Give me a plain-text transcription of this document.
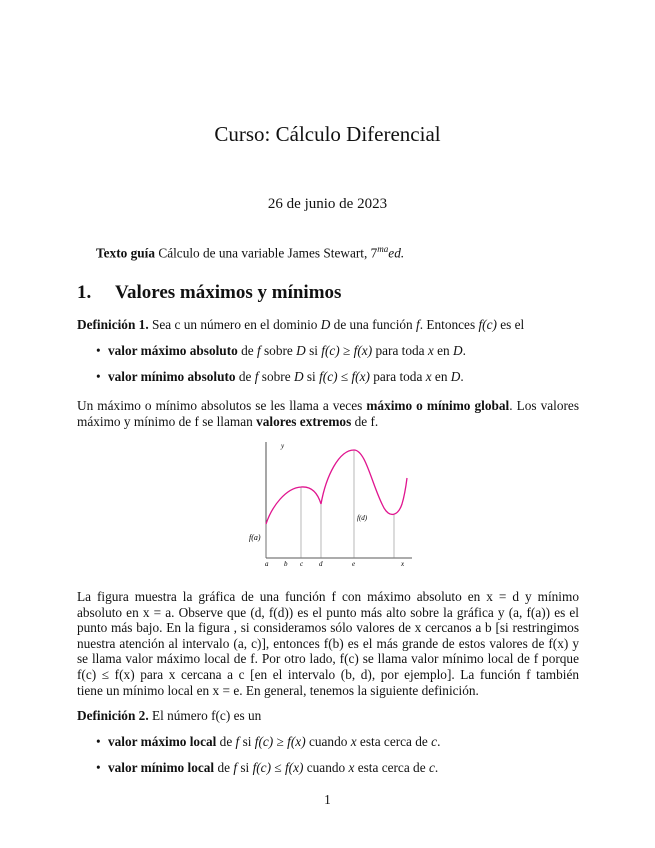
Curso: Cálculo Diferencial
26 de junio de 2023
Texto guía Cálculo de una variable James Stewart, $7^{ma}ed$.
1. Valores máximos y mínimos
Definición 1. Sea c un número en el dominio D de una función f. Entonces f(c) es el
• valor máximo absoluto de f sobre D si f(c) ≥ f(x) para toda x en D.
• valor mínimo absoluto de f sobre D si f(c) ≤ f(x) para toda x en D.
Un máximo o mínimo absolutos se les llama a veces máximo o mínimo global. Los valores
máximo y mínimo de f se llaman valores extremos de f.
y
f(a)
f(d)
a b c d	e	x
La figura muestra la gráfica de una función f con máximo absoluto en x = d y mínimo
absoluto en x = a. Observe que (d, f(d)) es el punto más alto sobre la gráfica y (a, f(a)) es el
punto más bajo. En la figura , si consideramos sólo valores de x cercanos a b [si restringimos
nuestra atención al intervalo (a, c)], entonces f(b) es el más grande de estos valores de f(x) y
se llama valor máximo local de f. Por otro lado, f(c) se llama valor mínimo local de f porque
f(c) ≤ f(x) para x cercana a c [en el intervalo (b, d), por ejemplo]. La función f también
tiene un mínimo local en x = e. En general, tenemos la siguiente definición.
Definición 2. El número f(c) es un
• valor máximo local de f si f(c) ≥ f(x) cuando x esta cerca de c.
• valor mínimo local de f si f(c) ≤ f(x) cuando x esta cerca de c.
1
